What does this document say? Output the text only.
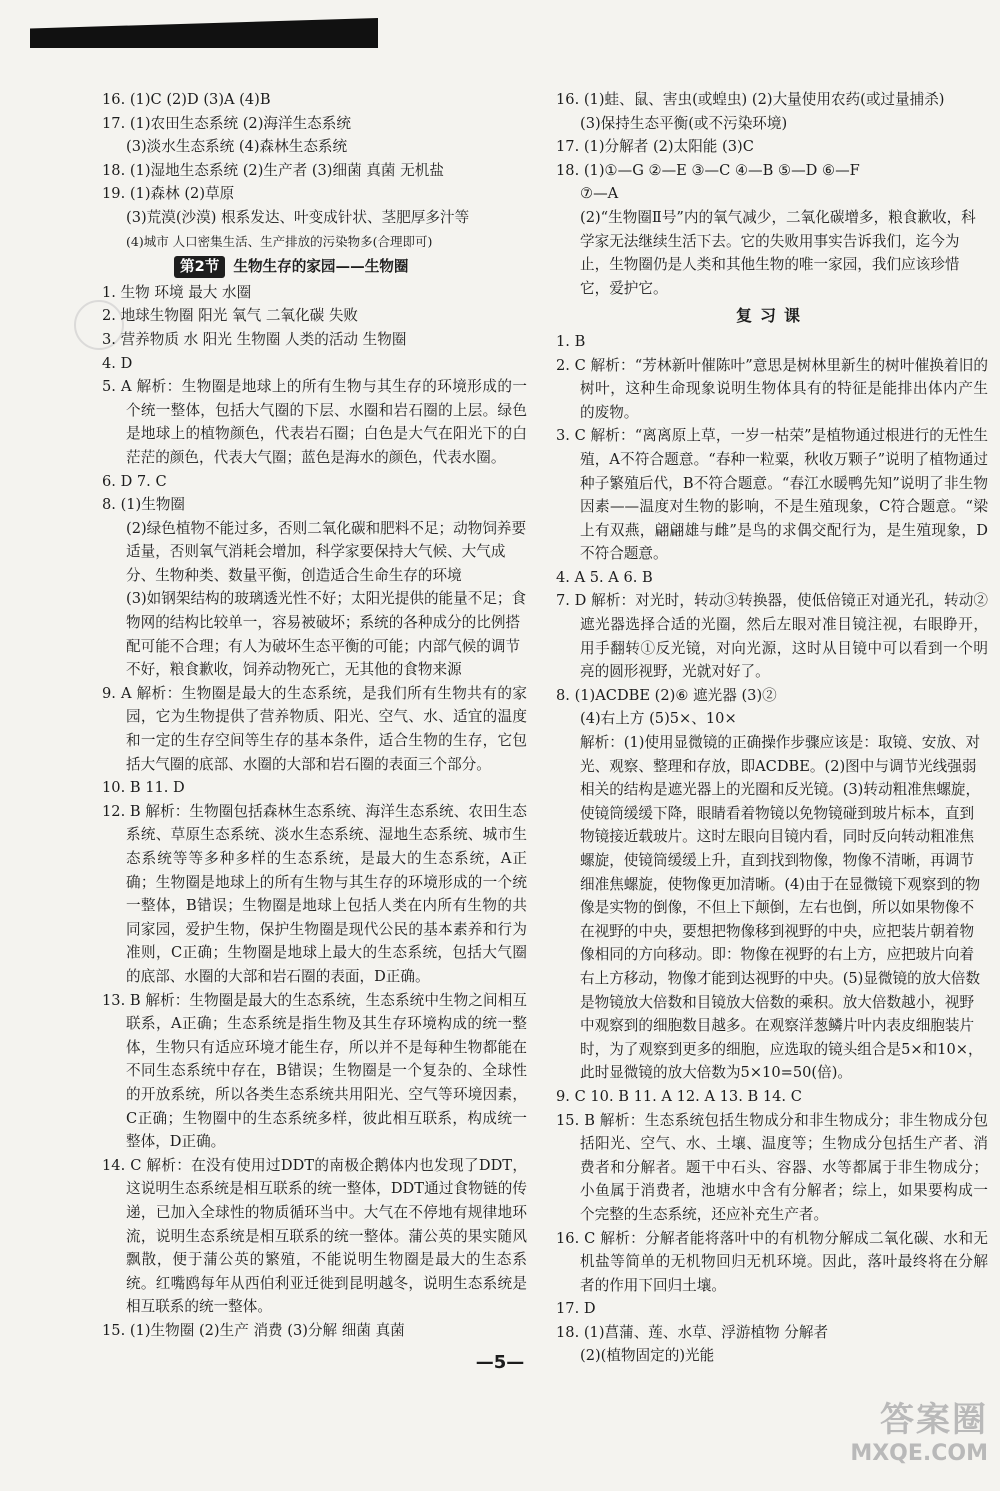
16. (1)C (2)D (3)A (4)B
17. (1)农田生态系统 (2)海洋生态系统
(3)淡水生态系统 (4)森林生态系统
18. (1)湿地生态系统 (2)生产者 (3)细菌 真菌 无机盐
19. (1)森林 (2)草原
(3)荒漠(沙漠) 根系发达、叶变成针状、茎肥厚多汁等
(4)城市 人口密集生活、生产排放的污染物多(合理即可)
第2节 生物生存的家园——生物圈
1. 生物 环境 最大 水圈
2. 地球生物圈 阳光 氧气 二氧化碳 失败
3. 营养物质 水 阳光 生物圈 人类的活动 生物圈
4. D
5. A 解析：生物圈是地球上的所有生物与其生存的环境形成的一个统一整体，包括大气圈的下层、水圈和岩石圈的上层。绿色是地球上的植物颜色，代表岩石圈；白色是大气在阳光下的白茫茫的颜色，代表大气圈；蓝色是海水的颜色，代表水圈。
6. D 7. C
8. (1)生物圈
(2)绿色植物不能过多，否则二氧化碳和肥料不足；动物饲养要适量，否则氧气消耗会增加，科学家要保持大气候、大气成分、生物种类、数量平衡，创造适合生命生存的环境
(3)如钢架结构的玻璃透光性不好；太阳光提供的能量不足；食物网的结构比较单一，容易被破坏；系统的各种成分的比例搭配可能不合理；有人为破坏生态平衡的可能；内部气候的调节不好，粮食歉收，饲养动物死亡，无其他的食物来源
9. A 解析：生物圈是最大的生态系统，是我们所有生物共有的家园，它为生物提供了营养物质、阳光、空气、水、适宜的温度和一定的生存空间等生存的基本条件，适合生物的生存，它包括大气圈的底部、水圈的大部和岩石圈的表面三个部分。
10. B 11. D
12. B 解析：生物圈包括森林生态系统、海洋生态系统、农田生态系统、草原生态系统、淡水生态系统、湿地生态系统、城市生态系统等等多种多样的生态系统，是最大的生态系统，A正确；生物圈是地球上的所有生物与其生存的环境形成的一个统一整体，B错误；生物圈是地球上包括人类在内所有生物的共同家园，爱护生物，保护生物圈是现代公民的基本素养和行为准则，C正确；生物圈是地球上最大的生态系统，包括大气圈的底部、水圈的大部和岩石圈的表面，D正确。
13. B 解析：生物圈是最大的生态系统，生态系统中生物之间相互联系，A正确；生态系统是指生物及其生存环境构成的统一整体，生物只有适应环境才能生存，所以并不是每种生物都能在不同生态系统中存在，B错误；生物圈是一个复杂的、全球性的开放系统，所以各类生态系统共用阳光、空气等环境因素，C正确；生物圈中的生态系统多样，彼此相互联系，构成统一整体，D正确。
14. C 解析：在没有使用过DDT的南极企鹅体内也发现了DDT，这说明生态系统是相互联系的统一整体，DDT通过食物链的传递，已加入全球性的物质循环当中。大气在不停地有规律地环流，说明生态系统是相互联系的统一整体。蒲公英的果实随风飘散，便于蒲公英的繁殖，不能说明生物圈是最大的生态系统。红嘴鸥每年从西伯利亚迁徙到昆明越冬，说明生态系统是相互联系的统一整体。
15. (1)生物圈 (2)生产 消费 (3)分解 细菌 真菌
16. (1)蛙、鼠、害虫(或蝗虫) (2)大量使用农药(或过量捕杀)
(3)保持生态平衡(或不污染环境)
17. (1)分解者 (2)太阳能 (3)C
18. (1)①—G ②—E ③—C ④—B ⑤—D ⑥—F
⑦—A
(2)“生物圈Ⅱ号”内的氧气减少，二氧化碳增多，粮食歉收，科学家无法继续生活下去。它的失败用事实告诉我们，迄今为止，生物圈仍是人类和其他生物的唯一家园，我们应该珍惜它，爱护它。
复习课
1. B
2. C 解析：“芳林新叶催陈叶”意思是树林里新生的树叶催换着旧的树叶，这种生命现象说明生物体具有的特征是能排出体内产生的废物。
3. C 解析：“离离原上草，一岁一枯荣”是植物通过根进行的无性生殖，A不符合题意。“春种一粒粟，秋收万颗子”说明了植物通过种子繁殖后代，B不符合题意。“春江水暖鸭先知”说明了非生物因素——温度对生物的影响，不是生殖现象，C符合题意。“梁上有双燕，翩翩雄与雌”是鸟的求偶交配行为，是生殖现象，D不符合题意。
4. A 5. A 6. B
7. D 解析：对光时，转动③转换器，使低倍镜正对通光孔，转动②遮光器选择合适的光圈，然后左眼对准目镜注视，右眼睁开，用手翻转①反光镜，对向光源，这时从目镜中可以看到一个明亮的圆形视野，光就对好了。
8. (1)ACDBE (2)⑥ 遮光器 (3)②
(4)右上方 (5)5×、10×
解析：(1)使用显微镜的正确操作步骤应该是：取镜、安放、对光、观察、整理和存放，即ACDBE。(2)图中与调节光线强弱相关的结构是遮光器上的光圈和反光镜。(3)转动粗准焦螺旋，使镜筒缓缓下降，眼睛看着物镜以免物镜碰到玻片标本，直到物镜接近载玻片。这时左眼向目镜内看，同时反向转动粗准焦螺旋，使镜筒缓缓上升，直到找到物像，物像不清晰，再调节细准焦螺旋，使物像更加清晰。(4)由于在显微镜下观察到的物像是实物的倒像，不但上下颠倒，左右也倒，所以如果物像不在视野的中央，要想把物像移到视野的中央，应把装片朝着物像相同的方向移动。即：物像在视野的右上方，应把玻片向着右上方移动，物像才能到达视野的中央。(5)显微镜的放大倍数是物镜放大倍数和目镜放大倍数的乘积。放大倍数越小，视野中观察到的细胞数目越多。在观察洋葱鳞片叶内表皮细胞装片时，为了观察到更多的细胞，应选取的镜头组合是5×和10×，此时显微镜的放大倍数为5×10=50(倍)。
9. C 10. B 11. A 12. A 13. B 14. C
15. B 解析：生态系统包括生物成分和非生物成分；非生物成分包括阳光、空气、水、土壤、温度等；生物成分包括生产者、消费者和分解者。题干中石头、容器、水等都属于非生物成分；小鱼属于消费者，池塘水中含有分解者；综上，如果要构成一个完整的生态系统，还应补充生产者。
16. C 解析：分解者能将落叶中的有机物分解成二氧化碳、水和无机盐等简单的无机物回归无机环境。因此，落叶最终将在分解者的作用下回归土壤。
17. D
18. (1)菖蒲、莲、水草、浮游植物 分解者
(2)(植物固定的)光能
—5—
答案圈
MXQE.COM
